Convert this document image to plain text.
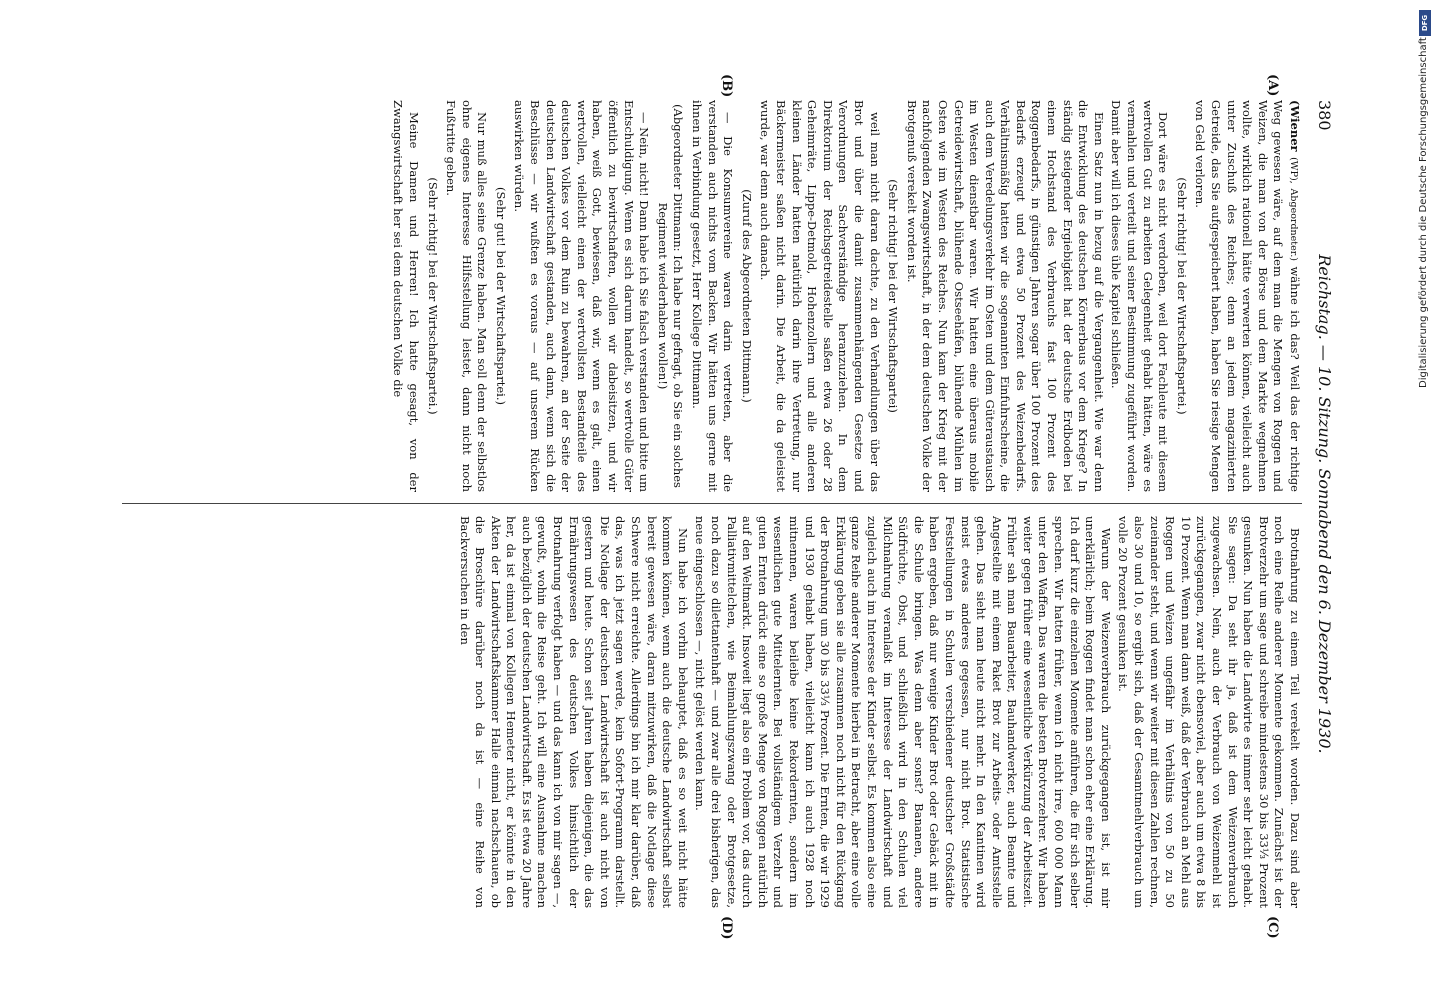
380
Reichstag. — 10. Sitzung. Sonnabend den 6. Dezember 1930.
(A)
(B)
(C)
(D)

(Wiener (WP), Abgeordneter.) wähne ich das? Weil das der richtige Weg gewesen wäre, auf dem man die Mengen von Roggen und Weizen, die man von der Börse und dem Markte wegnehmen wollte, wirklich rationell hätte verwerten können, vielleicht auch unter Zuschuß des Reiches; denn an jedem magazinierten Getreide, das Sie aufgespeichert haben, haben Sie riesige Mengen von Geld verloren.

(Sehr richtig! bei der Wirtschaftspartei.)

Dort wäre es nicht verdorben, weil dort Fachleute mit diesem wertvollen Gut zu arbeiten Gelegenheit gehabt hätten, wäre es vermahlen und verteilt und seiner Bestimmung zugeführt worden. Damit aber will ich dieses üble Kapitel schließen.

Einen Satz nun in bezug auf die Vergangenheit. Wie war denn die Entwicklung des deutschen Körnerbaus vor dem Kriege? In ständig steigender Ergiebigkeit hat der deutsche Erdboden bei einem Hochstand des Verbrauchs fast 100 Prozent des Roggenbedarfs, in günstigen Jahren sogar über 100 Prozent des Bedarfs erzeugt und etwa 50 Prozent des Weizenbedarfs. Verhältnismäßig hatten wir die sogenannten Einfuhrscheine, die auch dem Veredelungsverkehr im Osten und dem Güteraustausch im Westen dienstbar waren. Wir hatten eine überaus mobile Getreidewirtschaft, blühende Ostseehäfen, blühende Mühlen im Osten wie im Westen des Reiches. Nun kam der Krieg mit der nachfolgenden Zwangswirtschaft, in der dem deutschen Volke der Brotgenuß verekelt worden ist.

(Sehr richtig! bei der Wirtschaftspartei)

weil man nicht daran dachte, zu den Verhandlungen über das Brot und über die damit zusammenhängenden Gesetze und Verordnungen Sachverständige heranzuziehen. In dem Direktorium der Reichsgetreidestelle saßen etwa 26 oder 28 Geheimräte, Lippe-Detmold, Hohenzollern und alle anderen kleinen Länder hatten natürlich darin ihre Vertretung, nur Bäckermeister saßen nicht darin. Die Arbeit, die da geleistet wurde, war denn auch danach.

(Zuruf des Abgeordneten Dittmann.)

— Die Konsumvereine waren darin vertreten, aber die verstanden auch nichts vom Backen. Wir hätten uns gerne mit ihnen in Verbindung gesetzt, Herr Kollege Dittmann.

(Abgeordneter Dittmann: Ich habe nur gefragt, ob Sie ein solches Regiment wiederhaben wollen!)

— Nein, nicht! Dann habe ich Sie falsch verstanden und bitte um Entschuldigung. Wenn es sich darum handelt, so wertvolle Güter öffentlich zu bewirtschaften, wollen wir dabeisitzen, und wir haben, weiß Gott, bewiesen, daß wir, wenn es galt, einen wertvollen, vielleicht einen der wertvollsten Bestandteile des deutschen Volkes vor dem Ruin zu bewahren, an der Seite der deutschen Landwirtschaft gestanden, auch dann, wenn sich die Beschlüsse — wir wußten es voraus — auf unserem Rücken auswirken würden.

(Sehr gut! bei der Wirtschaftspartei.)

Nur muß alles seine Grenze haben. Man soll denn der selbstlos ohne eigenes Interesse Hilfsstellung leistet, dann nicht noch Fußtritte geben.

(Sehr richtig! bei der Wirtschaftspartei.)

Meine Damen und Herren! Ich hatte gesagt, von der Zwangswirtschaft her sei dem deutschen Volke die

Brotnahrung zu einem Teil verekelt worden. Dazu sind aber noch eine Reihe anderer Momente gekommen. Zunächst ist der Brotverzehr um sage und schreibe mindestens 30 bis 33⅓ Prozent gesunken. Nun haben die Landwirte es immer sehr leicht gehabt. Sie sagen: Da seht ihr ja, daß ist dem Weizenverbrauch zugewachsen. Nein, auch der Verbrauch von Weizenmehl ist zurückgegangen, zwar nicht ebensoviel, aber auch um etwa 8 bis 10 Prozent. Wenn man dann weiß, daß der Verbrauch an Mehl aus Roggen und Weizen ungefähr im Verhältnis von 50 zu 50 zueinander steht, und wenn wir weiter mit diesen Zahlen rechnen, also 30 und 10, so ergibt sich, daß der Gesamtmehlverbrauch um volle 20 Prozent gesunken ist.

Warum der Weizenverbrauch zurückgegangen ist, ist mir unerklärlich; beim Roggen findet man schon eher eine Erklärung. Ich darf kurz die einzelnen Momente anführen, die für sich selber sprechen. Wir hatten früher, wenn ich nicht irre, 600 000 Mann unter den Waffen. Das waren die besten Brotverzehrer. Wir haben weiter gegen früher eine wesentliche Verkürzung der Arbeitszeit. Früher sah man Bauarbeiter, Bauhandwerker, auch Beamte und Angestellte mit einem Paket Brot zur Arbeits- oder Amtsstelle gehen. Das sieht man heute nicht mehr. In den Kantinen wird meist etwas anderes gegessen, nur nicht Brot. Statistische Feststellungen in Schulen verschiedener deutscher Großstädte haben ergeben, daß nur wenige Kinder Brot oder Gebäck mit in die Schule bringen. Was denn aber sonst? Bananen, andere Südfrüchte, Obst, und schließlich wird in den Schulen viel Milchnahrung veranlaßt im Interesse der Landwirtschaft und zugleich auch im Interesse der Kinder selbst. Es kommen also eine ganze Reihe anderer Momente hierbei in Betracht, aber eine volle Erklärung geben sie alle zusammen noch nicht für den Rückgang der Brotnahrung um 30 bis 33⅓ Prozent. Die Ernten, die wir 1929 und 1930 gehabt haben, vielleicht kann ich auch 1928 noch mitnennen, waren beileibe keine Rekordernten, sondern im wesentlichen gute Mittelernten. Bei vollständigem Verzehr und guten Ernten drückt eine so große Menge von Roggen natürlich auf den Weltmarkt. Insoweit liegt also ein Problem vor, das durch Palliativmittelchen, wie Beimahlungszwang oder Brotgesetze, noch dazu so dilettantenhaft — und zwar alle drei bisherigen, das neue eingeschlossen —, nicht gelöst werden kann.

Nun habe ich vorhin behauptet, daß es so weit nicht hätte kommen können, wenn auch die deutsche Landwirtschaft selbst bereit gewesen wäre, daran mitzuwirken, daß die Notlage diese Schwere nicht erreichte. Allerdings bin ich mir klar darüber, daß das, was ich jetzt sagen werde, kein Sofort-Programm darstellt. Die Notlage der deutschen Landwirtschaft ist auch nicht von gestern und heute. Schon seit Jahren haben diejenigen, die das Ernährungswesen des deutschen Volkes hinsichtlich der Brotnahrung verfolgt haben — und das kann ich von mir sagen —, gewußt, wohin die Reise geht. Ich will eine Ausnahme machen auch bezüglich der deutschen Landwirtschaft. Es ist etwa 20 Jahre her, da ist einmal von Kollegen Hemeter nicht, er könnte in den Akten der Landwirtschaftskammer Halle einmal nachschauen, ob die Broschüre darüber noch da ist — eine Reihe von Backversuchen in den

DFG
Digitalisierung gefördert durch die Deutsche Forschungsgemeinschaft
